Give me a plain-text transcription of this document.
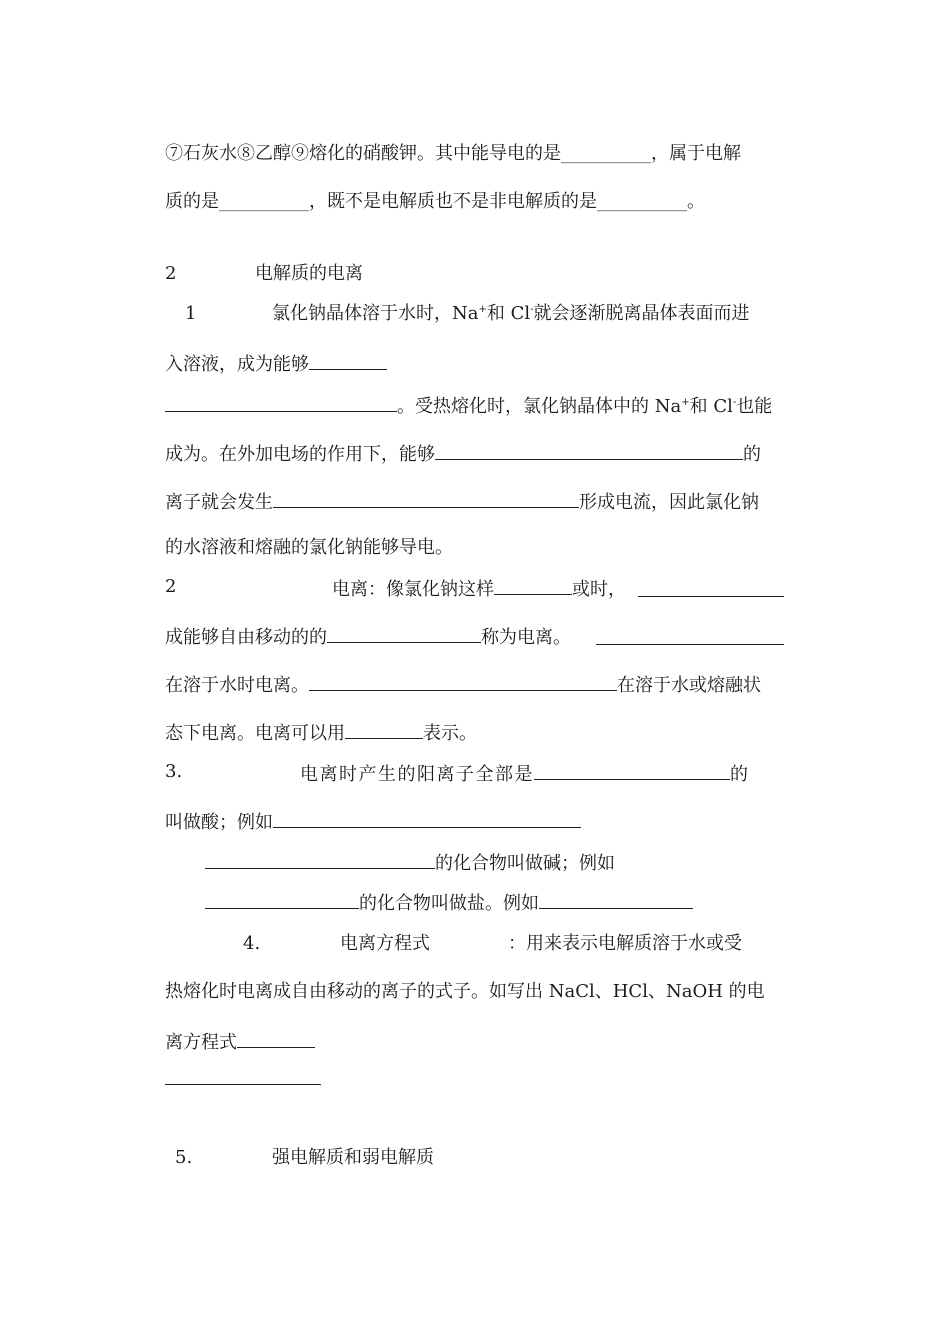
⑦石灰水⑧乙醇⑨熔化的硝酸钾。其中能导电的是__________，属于电解
质的是__________，既不是电解质也不是非电解质的是__________。
2	电解质的电离
1	氯化钠晶体溶于水时，Na+和 Cl-就会逐渐脱离晶体表面而进
入溶液，成为能够
。受热熔化时，氯化钠晶体中的 Na+和 Cl-也能
成为。在外加电场的作用下，能够	的
离子就会发生	形成电流，因此氯化钠
的水溶液和熔融的氯化钠能够导电。
2	电离：像氯化钠这样	或时，
成能够自由移动的的	称为电离。
在溶于水时电离。	在溶于水或熔融状
态下电离。电离可以用	表示。
3.	电离时产生的阳离子全部是	的
叫做酸；例如
的化合物叫做碱；例如
的化合物叫做盐。例如
4.	电离方程式	：用来表示电解质溶于水或受
热熔化时电离成自由移动的离子的式子。如写出 NaCl、HCl、NaOH 的电
离方程式
5.	强电解质和弱电解质
